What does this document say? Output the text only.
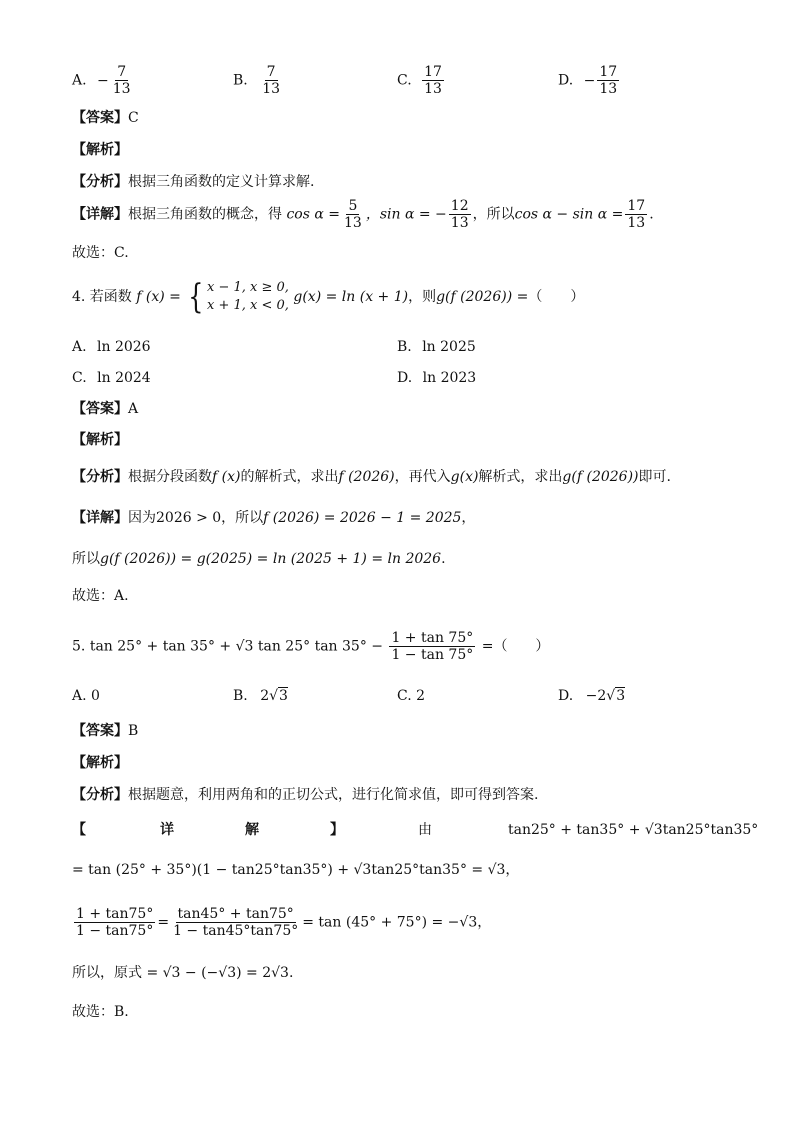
A. − $\frac{7}{13}$	B. $\frac{7}{13}$	C. $\frac{17}{13}$	D. − $\frac{17}{13}$
【答案】C
【解析】
【分析】根据三角函数的定义计算求解.
【详解】根据三角函数的概念，得 $\cos \alpha = \frac{5}{13}$ ，sin α = − $\frac{12}{13}$ ，所以$\cos \alpha - \sin \alpha = \frac{17}{13}$ .
故选：C.
4. 若函数 f (x) = { x − 1, x ≥ 0,
x + 1, x < 0,
g(x) = ln (x + 1)，则g(f (2026)) =（　　）
A. ln 2026	B. ln 2025
C. ln 2024	D. ln 2023
【答案】A
【解析】
【分析】根据分段函数f (x)的解析式，求出f (2026)，再代入g(x)解析式，求出g(f (2026))即可.
【详解】因为2026 > 0，所以f (2026) = 2026 − 1 = 2025，
所以g(f (2026)) = g(2025) = ln (2025 + 1) = ln 2026.
故选：A.
5. tan 25° + tan 35° + √3 tan 25° $\tan 35^\circ - \frac{1 + \tan 75^\circ}{1 - \tan 75^\circ}$ =（　　）
A. 0	B. 2√3	C. 2	D. −2√3
【答案】B
【解析】
【分析】根据题意，利用两角和的正切公式，进行化简求值，即可得到答案.
【	详	解	】	由	tan25° + tan35° + √3tan25°tan35°
= tan (25° + 35°)(1 − tan25°tan35°) + √3tan25°tan35° = √3，
$\frac{1 + \tan 75^\circ}{1 - \tan 75^\circ} = \frac{\tan 45^\circ + \tan 75^\circ}{1 - \tan 45^\circ\tan 75^\circ} = \tan (45^\circ + 75^\circ) = -√3$，
所以，原式 = √3 − (−√3) = 2√3.
故选：B.
